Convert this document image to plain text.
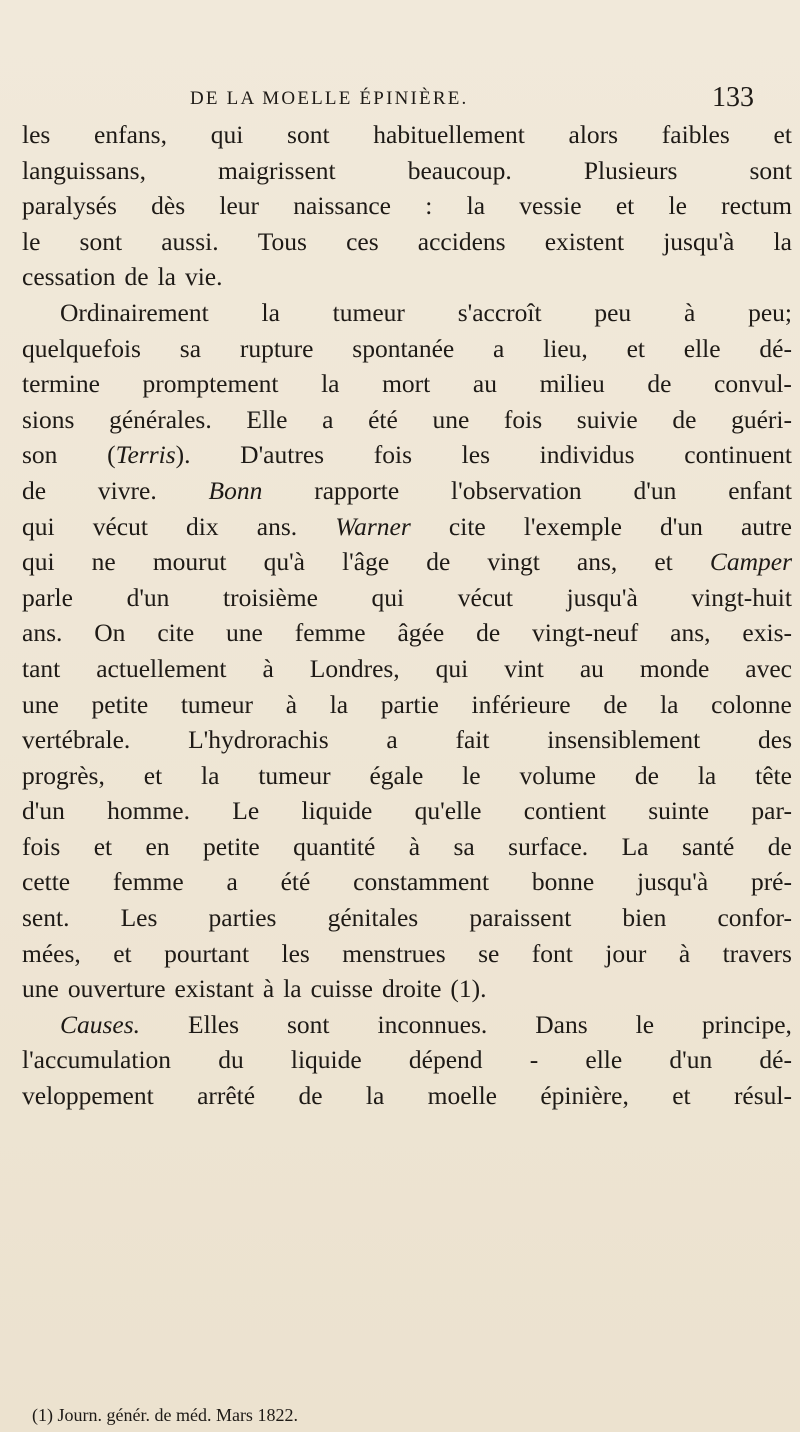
DE LA MOELLE ÉPINIÈRE.	133
les enfans, qui sont habituellement alors faibles et
languissans,	maigrissent	beaucoup.	Plusieurs	sont
paralysés dès leur naissance : la vessie et le rectum
le sont aussi. Tous ces accidens existent jusqu'à la
cessation de la vie.
Ordinairement la tumeur s'accroît peu à peu;
quelquefois sa rupture spontanée a lieu, et elle dé-
termine promptement la mort au milieu de convul-
sions générales. Elle a été une fois suivie de guéri-
son (Terris). D'autres fois les individus continuent
de vivre. Bonn rapporte l'observation d'un enfant
qui vécut dix ans. Warner cite l'exemple d'un autre
qui ne mourut qu'à l'âge de vingt ans, et Camper
parle d'un troisième qui vécut jusqu'à vingt-huit
ans. On cite une femme âgée de vingt-neuf ans, exis-
tant actuellement à Londres, qui vint au monde avec
une petite tumeur à la partie inférieure de la colonne
vertébrale. L'hydrorachis a fait insensiblement des
progrès, et la tumeur égale le volume de la tête
d'un homme. Le liquide qu'elle contient suinte par-
fois et en petite quantité à sa surface. La santé de
cette femme a été constamment bonne jusqu'à pré-
sent. Les parties génitales paraissent bien confor-
mées, et pourtant les menstrues se font jour à travers
une ouverture existant à la cuisse droite (1).
Causes. Elles sont inconnues. Dans le principe,
l'accumulation du liquide dépend - elle d'un dé-
veloppement arrêté de la moelle épinière, et résul-
(1) Journ. génér. de méd. Mars 1822.
